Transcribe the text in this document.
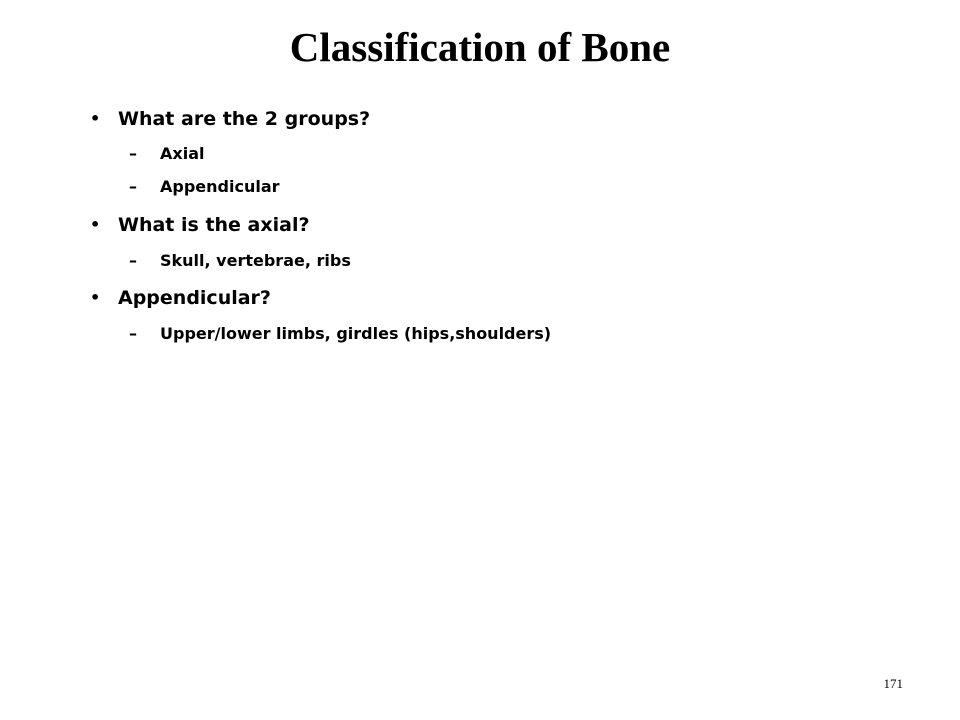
Classification of Bone
• What are the 2 groups?
– Axial
– Appendicular
• What is the axial?
– Skull, vertebrae, ribs
• Appendicular?
– Upper/lower limbs, girdles (hips,shoulders)
171
